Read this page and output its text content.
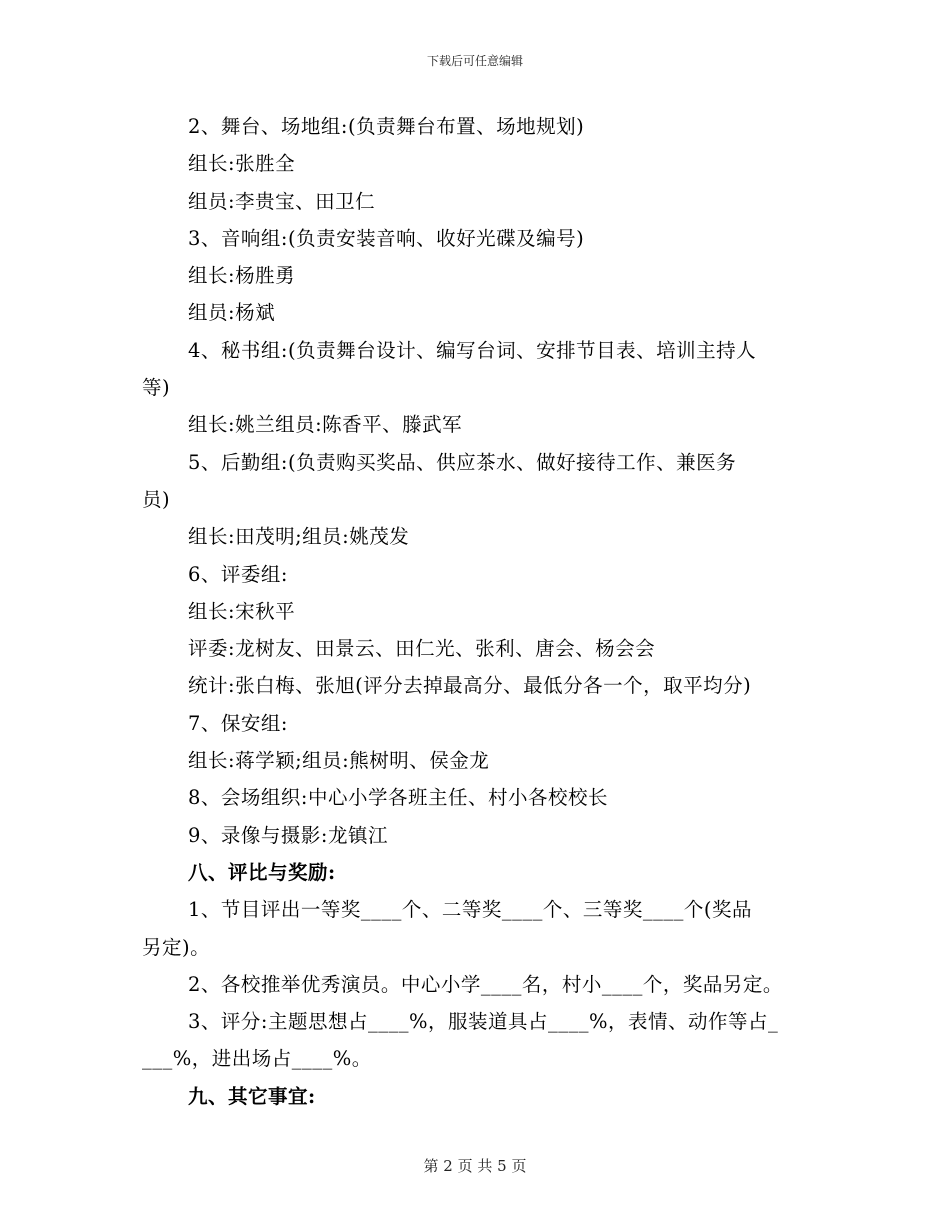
下载后可任意编辑
2、舞台、场地组:(负责舞台布置、场地规划)
组长:张胜全
组员:李贵宝、田卫仁
3、音响组:(负责安装音响、收好光碟及编号)
组长:杨胜勇
组员:杨斌
4、秘书组:(负责舞台设计、编写台词、安排节目表、培训主持人
等)
组长:姚兰组员:陈香平、滕武军
5、后勤组:(负责购买奖品、供应茶水、做好接待工作、兼医务
员)
组长:田茂明;组员:姚茂发
6、评委组:
组长:宋秋平
评委:龙树友、田景云、田仁光、张利、唐会、杨会会
统计:张白梅、张旭(评分去掉最高分、最低分各一个，取平均分)
7、保安组:
组长:蒋学颖;组员:熊树明、侯金龙
8、会场组织:中心小学各班主任、村小各校校长
9、录像与摄影:龙镇江
八、评比与奖励:
1、节目评出一等奖____个、二等奖____个、三等奖____个(奖品
另定)。
2、各校推举优秀演员。中心小学____名，村小____个，奖品另定。
3、评分:主题思想占____%，服装道具占____%，表情、动作等占_
___%，进出场占____%。
九、其它事宜:
第 2 页 共 5 页
